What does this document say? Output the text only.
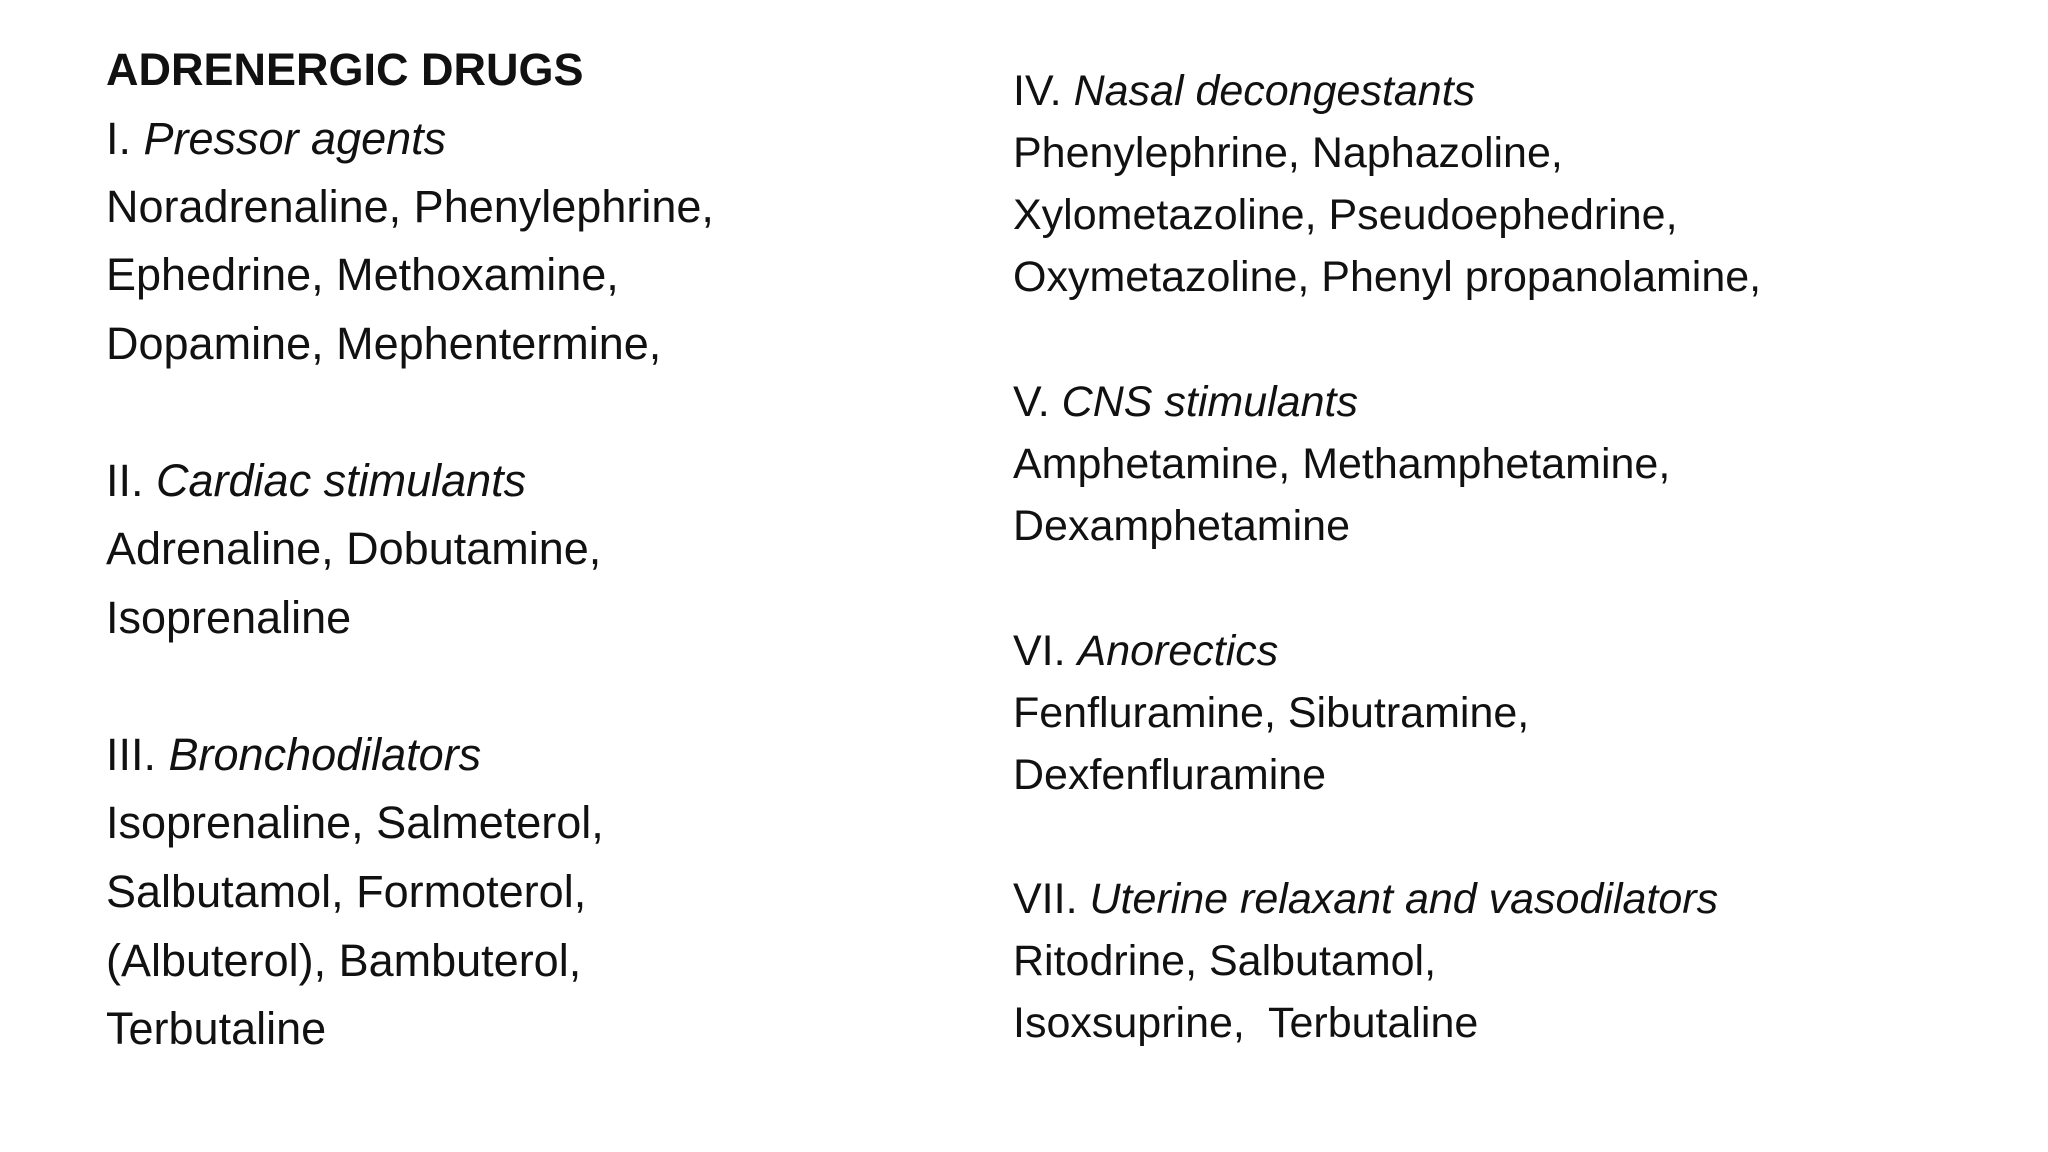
ADRENERGIC DRUGS
I. Pressor agents
Noradrenaline, Phenylephrine,
Ephedrine, Methoxamine,
Dopamine, Mephentermine,
II. Cardiac stimulants
Adrenaline, Dobutamine,
Isoprenaline
III. Bronchodilators
Isoprenaline, Salmeterol,
Salbutamol, Formoterol,
(Albuterol), Bambuterol,
Terbutaline
IV. Nasal decongestants
Phenylephrine, Naphazoline,
Xylometazoline, Pseudoephedrine,
Oxymetazoline, Phenyl propanolamine,
V. CNS stimulants
Amphetamine, Methamphetamine,
Dexamphetamine
VI. Anorectics
Fenfluramine, Sibutramine,
Dexfenfluramine
VII. Uterine relaxant and vasodilators
Ritodrine, Salbutamol,
Isoxsuprine,  Terbutaline
